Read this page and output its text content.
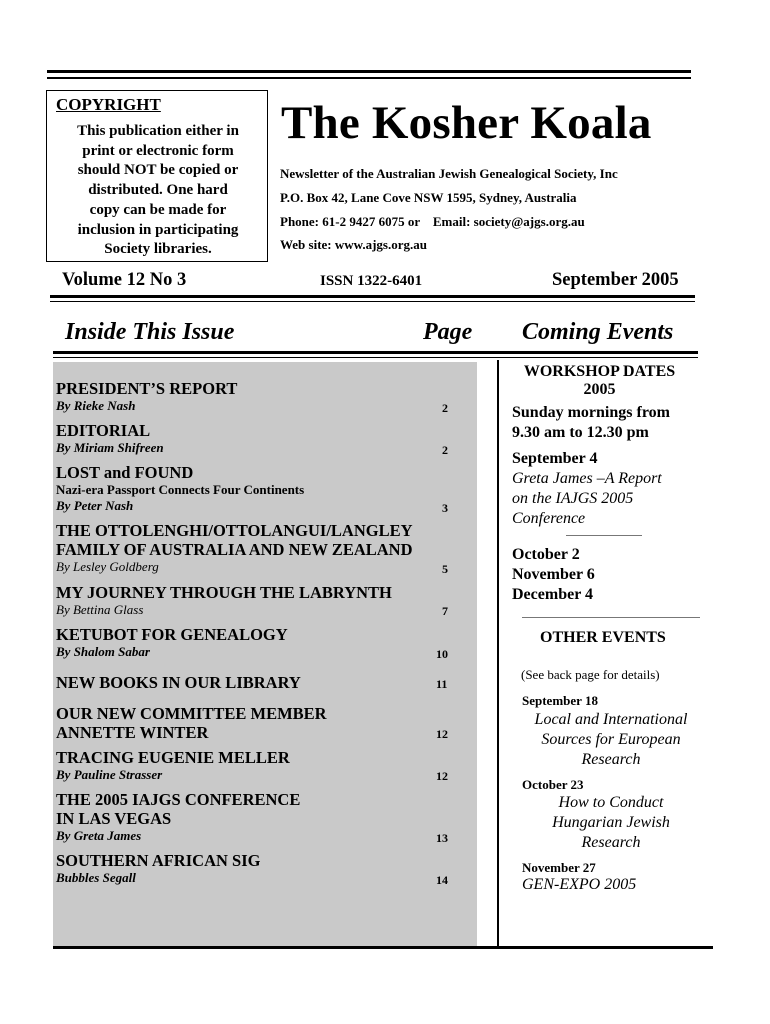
COPYRIGHT
This publication either in
print or electronic form
should NOT be copied or
distributed. One hard
copy can be made for
inclusion in participating
Society libraries.
The Kosher Koala
Newsletter of the Australian Jewish Genealogical Society, Inc
P.O. Box 42, Lane Cove NSW 1595, Sydney, Australia
Phone: 61-2 9427 6075 or    Email: society@ajgs.org.au
Web site: www.ajgs.org.au
Volume 12 No 3	ISSN 1322-6401	September 2005
Inside This Issue	Page Coming Events
PRESIDENT’S REPORT
By Rieke Nash	2
EDITORIAL
By Miriam Shifreen	2
LOST and FOUND
Nazi-era Passport Connects Four Continents
By Peter Nash	3
THE OTTOLENGHI/OTTOLANGUI/LANGLEY
FAMILY OF AUSTRALIA AND NEW ZEALAND
By Lesley Goldberg	5
MY JOURNEY THROUGH THE LABRYNTH
By Bettina Glass	7
KETUBOT FOR GENEALOGY
By Shalom Sabar	10
NEW BOOKS IN OUR LIBRARY	11
OUR NEW COMMITTEE MEMBER
ANNETTE WINTER	12
TRACING EUGENIE MELLER
By Pauline Strasser	12
THE 2005 IAJGS CONFERENCE
IN LAS VEGAS
By Greta James	13
SOUTHERN AFRICAN SIG
Bubbles Segall	14
WORKSHOP DATES
2005
Sunday mornings from
9.30 am to 12.30 pm
September 4
Greta James –A Report
on the IAJGS 2005
Conference
October 2
November 6
December 4
OTHER EVENTS
(See back page for details)
September 18
Local and International
Sources for European
Research
October 23
How to Conduct
Hungarian Jewish
Research
November 27
GEN-EXPO 2005
